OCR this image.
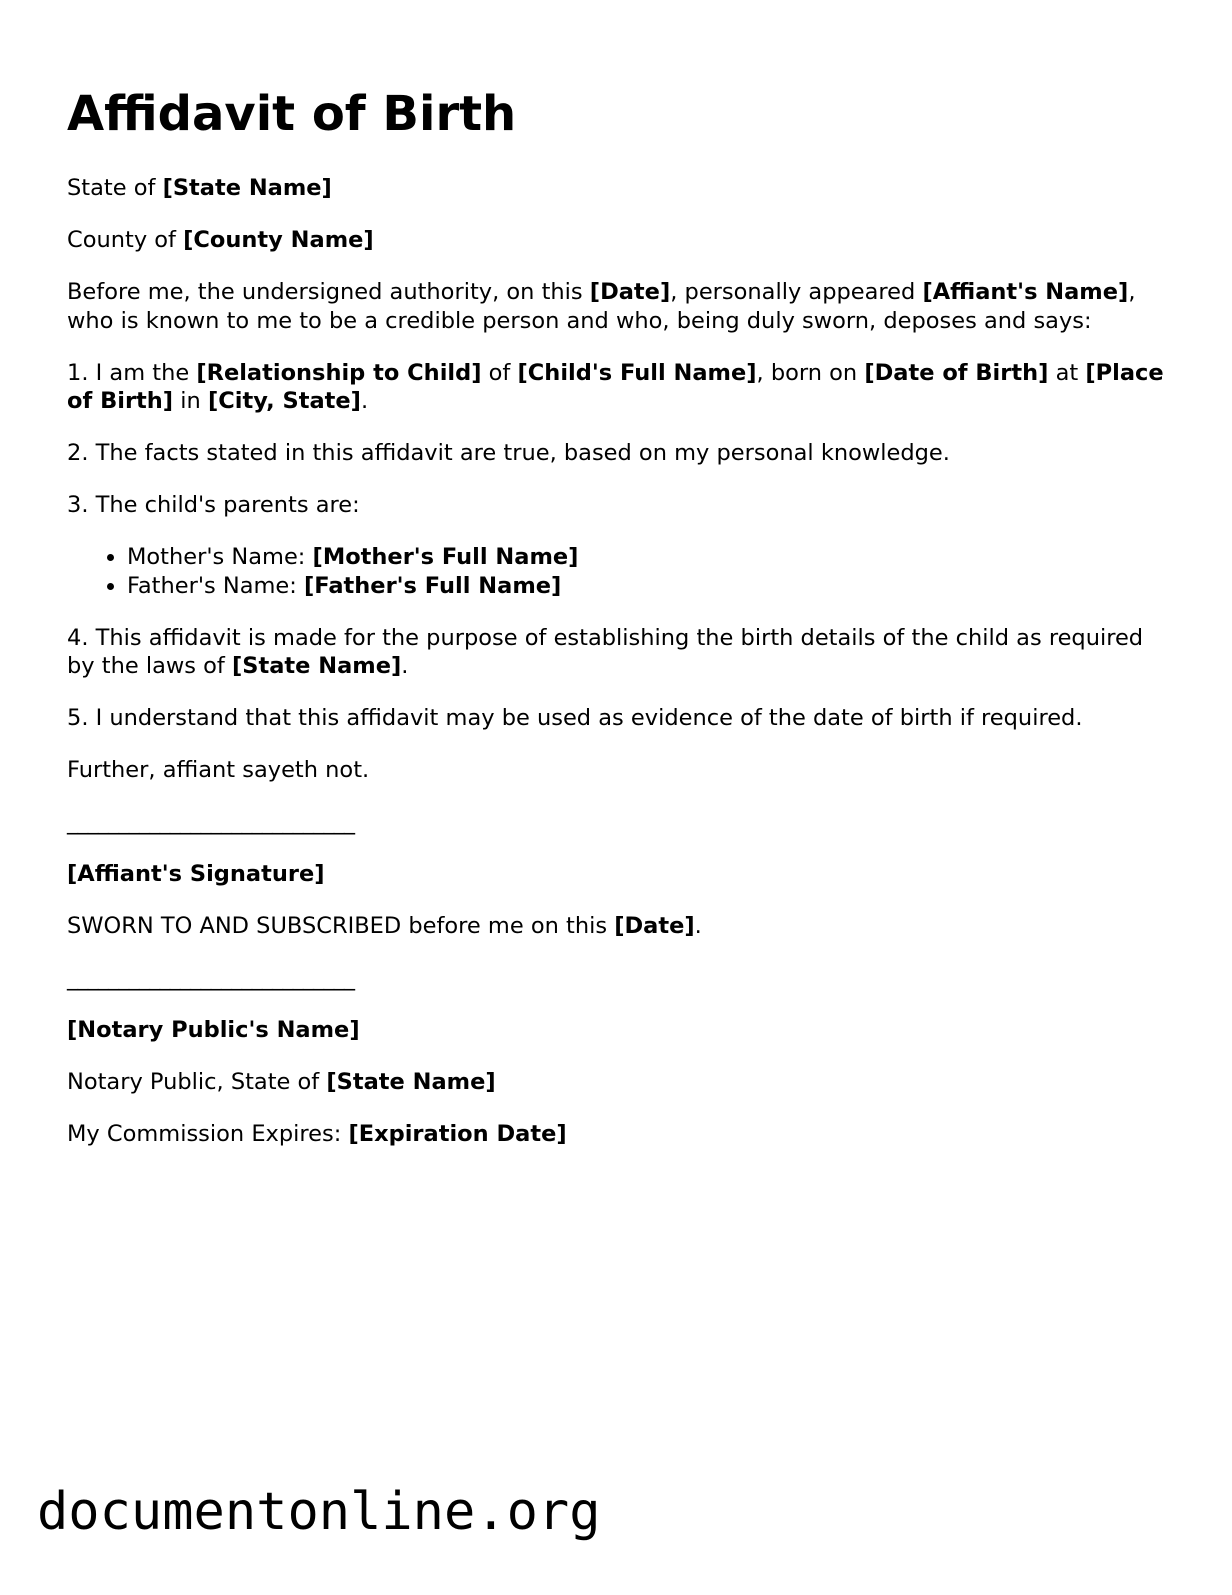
Affidavit of Birth

State of [State Name]

County of [County Name]

Before me, the undersigned authority, on this [Date], personally appeared [Affiant's Name], who is known to me to be a credible person and who, being duly sworn, deposes and says:

1. I am the [Relationship to Child] of [Child's Full Name], born on [Date of Birth] at [Place of Birth] in [City, State].

2. The facts stated in this affidavit are true, based on my personal knowledge.

3. The child's parents are:

• Mother's Name: [Mother's Full Name]
• Father's Name: [Father's Full Name]

4. This affidavit is made for the purpose of establishing the birth details of the child as required by the laws of [State Name].

5. I understand that this affidavit may be used as evidence of the date of birth if required.

Further, affiant sayeth not.

____________________________

[Affiant's Signature]

SWORN TO AND SUBSCRIBED before me on this [Date].

____________________________

[Notary Public's Name]

Notary Public, State of [State Name]

My Commission Expires: [Expiration Date]

documentonline.org
